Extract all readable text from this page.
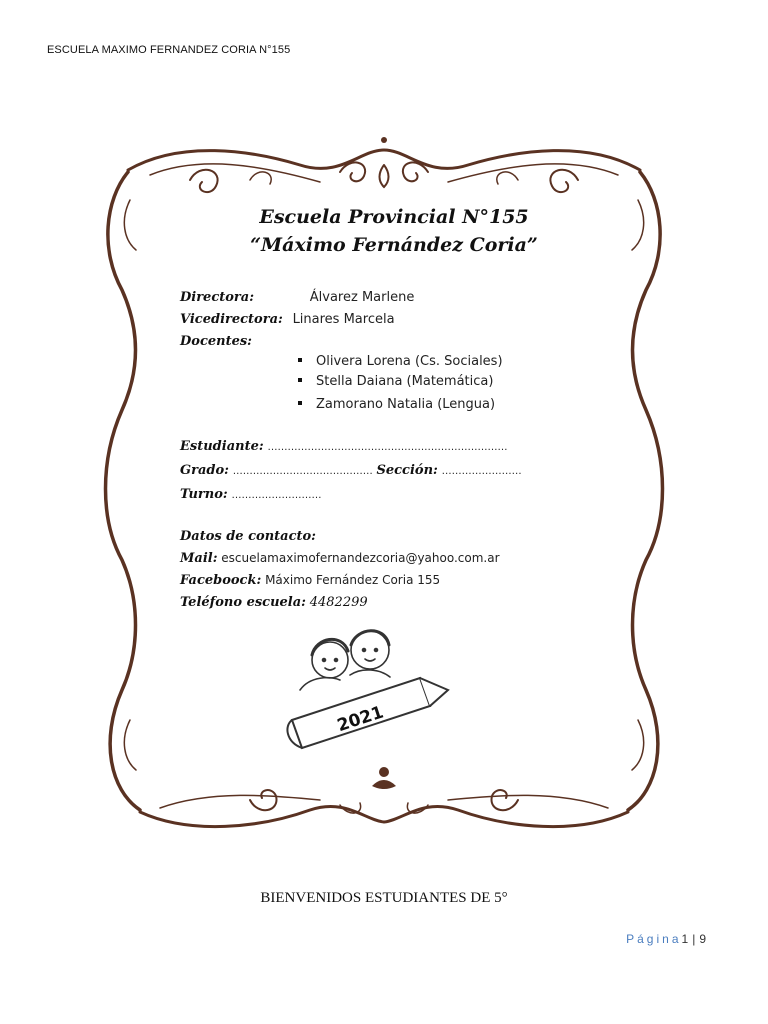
ESCUELA MAXIMO FERNANDEZ CORIA N°155
2021
Escuela Provincial N°155
“Máximo Fernández Coria”
Directora:	Álvarez Marlene
Vicedirectora: Linares Marcela
Docentes:
Olivera Lorena (Cs. Sociales)
Stella Daiana (Matemática)
Zamorano Natalia (Lengua)
Estudiante: ………………………………………………………………
Grado: …………………………………… Sección: ……………………
Turno: ………………………
Datos de contacto:
Mail: escuelamaximofernandezcoria@yahoo.com.ar
Faceboock: Máximo Fernández Coria 155
Teléfono escuela: 4482299
BIENVENIDOS ESTUDIANTES DE 5°
Página1 | 9
